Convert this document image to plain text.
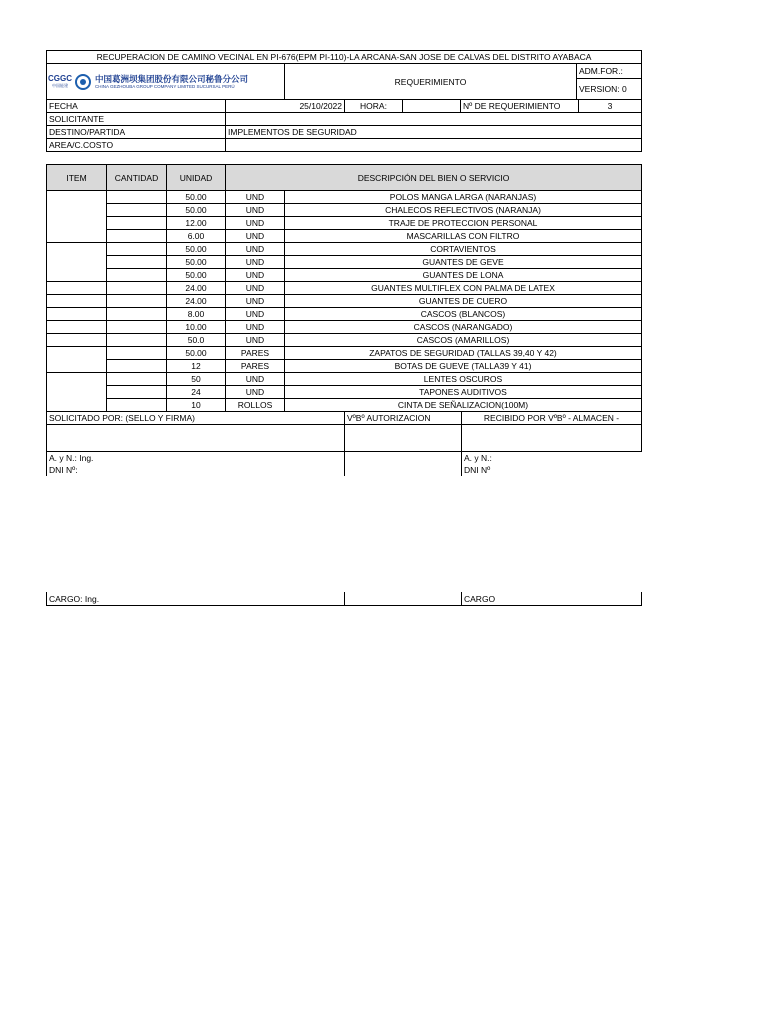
RECUPERACION DE CAMINO VECINAL EN PI-676(EPM PI-110)-LA ARCANA-SAN JOSE DE CALVAS DEL DISTRITO AYABACA

CGGC
中国能建
中国葛洲坝集团股份有限公司秘鲁分公司
CHINA GEZHOUBA GROUP COMPANY LIMITED SUCURSAL PERÚ	REQUERIMIENTO	ADM.FOR.:
VERSION: 0
FECHA	25/10/2022	HORA:		Nº DE REQUERIMIENTO	3
SOLICITANTE					
DESTINO/PARTIDA	IMPLEMENTOS DE SEGURIDAD				
AREA/C.COSTO					
ITEM	CANTIDAD	UNIDAD	DESCRIPCIÓN DEL BIEN O SERVICIO	
		50.00	UND	POLOS MANGA LARGA (NARANJAS)
		50.00	UND	CHALECOS REFLECTIVOS (NARANJA)
		12.00	UND	TRAJE DE PROTECCION PERSONAL
		6.00	UND	MASCARILLAS CON FILTRO
		50.00	UND	CORTAVIENTOS
		50.00	UND	GUANTES DE GEVE
		50.00	UND	GUANTES DE LONA
		24.00	UND	GUANTES MULTIFLEX CON PALMA DE LATEX
		24.00	UND	GUANTES DE CUERO
		8.00	UND	CASCOS (BLANCOS)
		10.00	UND	CASCOS (NARANGADO)
		50.0	UND	CASCOS (AMARILLOS)
		50.00	PARES	ZAPATOS DE SEGURIDAD (TALLAS 39,40 Y 42)
		12	PARES	BOTAS DE GUEVE (TALLA39 Y 41)
		50	UND	LENTES OSCUROS
		24	UND	TAPONES AUDITIVOS
		10	ROLLOS	CINTA DE SEÑALIZACION(100M)
SOLICITADO POR: (SELLO Y FIRMA)	VºBº AUTORIZACION	RECIBIDO POR VºBº - ALMACEN -

A. y N.: Ing.		A. y N.:
DNI Nº:		DNI Nº
CARGO: Ing.		CARGO
